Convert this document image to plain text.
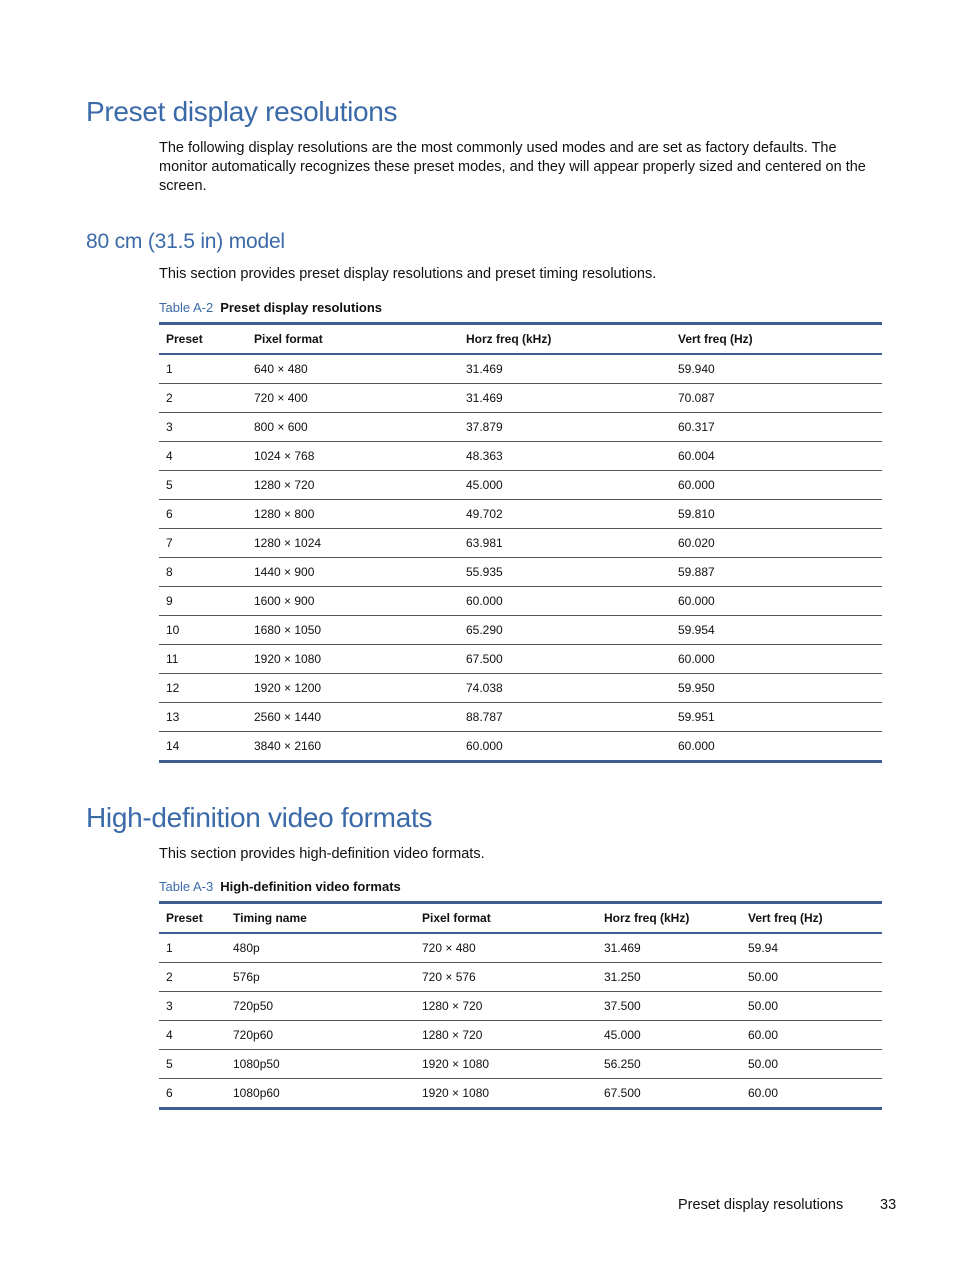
Preset display resolutions

The following display resolutions are the most commonly used modes and are set as factory defaults. The monitor automatically recognizes these preset modes, and they will appear properly sized and centered on the screen.

80 cm (31.5 in) model

This section provides preset display resolutions and preset timing resolutions.

Table A-2 Preset display resolutions

Preset	Pixel format	Horz freq (kHz)	Vert freq (Hz)
1	640 × 480	31.469	59.940
2	720 × 400	31.469	70.087
3	800 × 600	37.879	60.317
4	1024 × 768	48.363	60.004
5	1280 × 720	45.000	60.000
6	1280 × 800	49.702	59.810
7	1280 × 1024	63.981	60.020
8	1440 × 900	55.935	59.887
9	1600 × 900	60.000	60.000
10	1680 × 1050	65.290	59.954
11	1920 × 1080	67.500	60.000
12	1920 × 1200	74.038	59.950
13	2560 × 1440	88.787	59.951
14	3840 × 2160	60.000	60.000
High-definition video formats

This section provides high-definition video formats.

Table A-3 High-definition video formats

Preset	Timing name	Pixel format	Horz freq (kHz)	Vert freq (Hz)
1	480p	720 × 480	31.469	59.94
2	576p	720 × 576	31.250	50.00
3	720p50	1280 × 720	37.500	50.00
4	720p60	1280 × 720	45.000	60.00
5	1080p50	1920 × 1080	56.250	50.00
6	1080p60	1920 × 1080	67.500	60.00
Preset display resolutions	33
